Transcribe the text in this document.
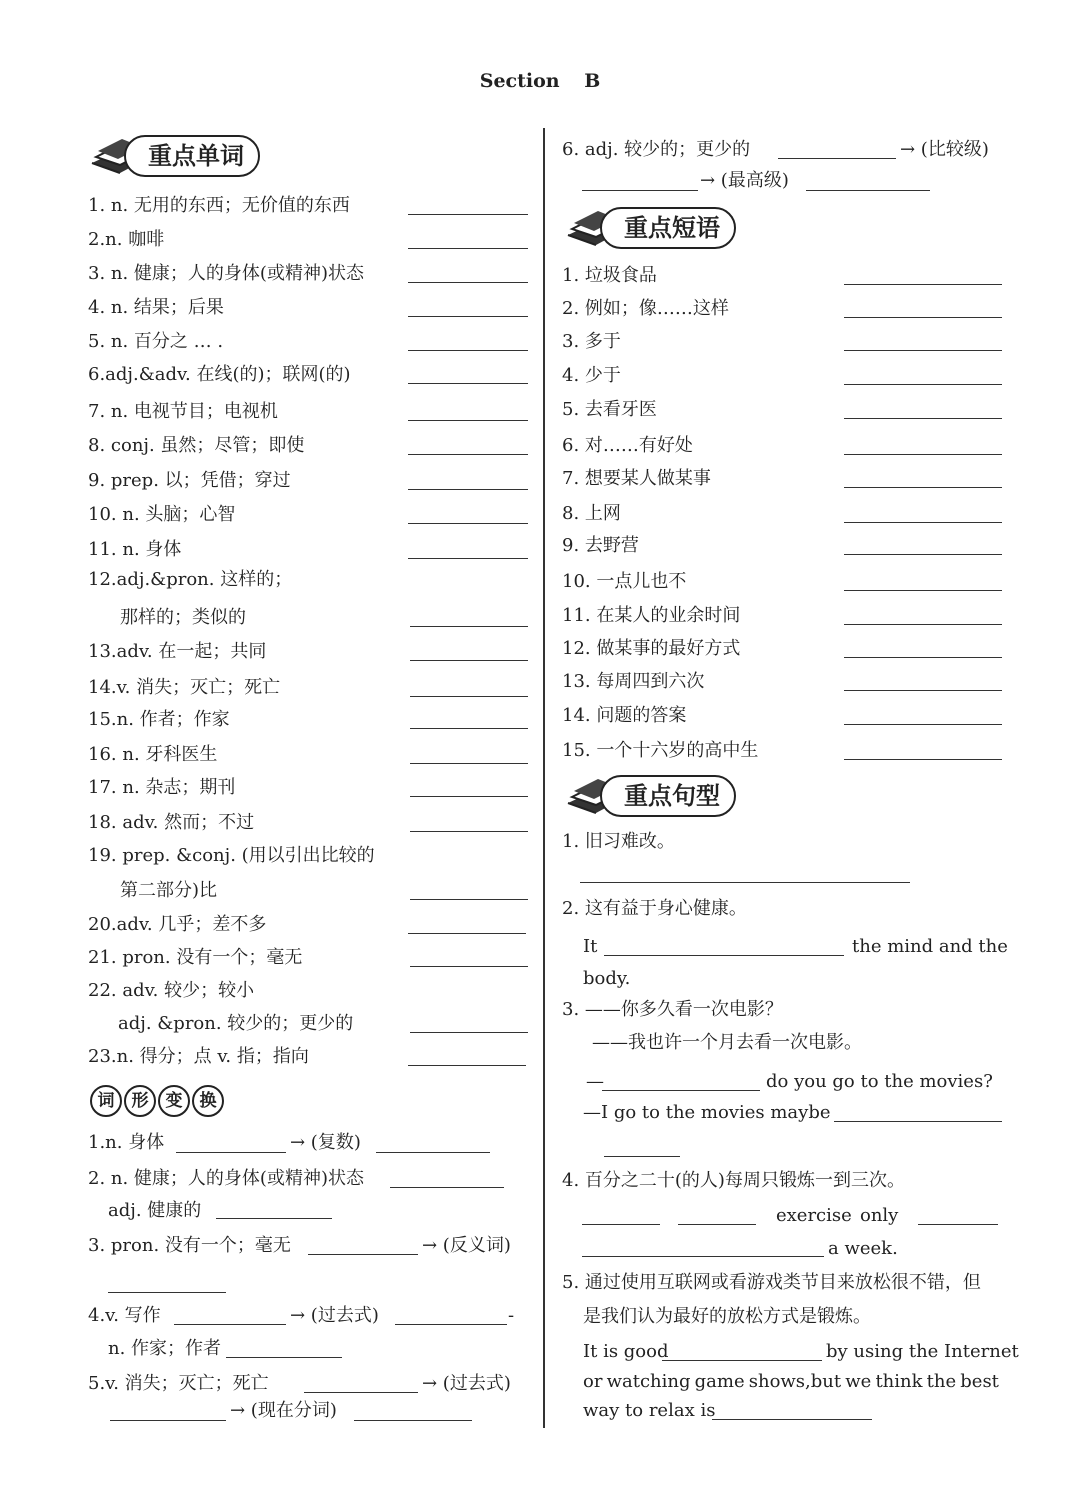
Section B
重点单词
1. n. 无用的东西；无价值的东西
2.n. 咖啡
3. n. 健康；人的身体(或精神)状态
4. n. 结果；后果
5. n. 百分之 … .
6.adj.&adv. 在线(的)；联网(的)
7. n. 电视节目；电视机
8. conj. 虽然；尽管；即使
9. prep. 以；凭借；穿过
10. n. 头脑；心智
11. n. 身体
12.adj.&pron. 这样的；
那样的；类似的
13.adv. 在一起；共同
14.v. 消失；灭亡；死亡
15.n. 作者；作家
16. n. 牙科医生
17. n. 杂志；期刊
18. adv. 然而；不过
19. prep. &conj. (用以引出比较的
第二部分)比
20.adv. 几乎；差不多
21. pron. 没有一个；毫无
22. adv. 较少；较小
adj. &pron. 较少的；更少的
23.n. 得分；点 v. 指；指向
词 形 变 换
1.n. 身体	→ (复数)
2. n. 健康；人的身体(或精神)状态
adj. 健康的
3. pron. 没有一个；毫无	→ (反义词)
4.v. 写作	→ (过去式)	-
n. 作家；作者
5.v. 消失；灭亡；死亡	→ (过去式)
→ (现在分词)
6. adj. 较少的；更少的	→ (比较级)
→ (最高级)
重点短语
1. 垃圾食品
2. 例如；像……这样
3. 多于
4. 少于
5. 去看牙医
6. 对……有好处
7. 想要某人做某事
8. 上网
9. 去野营
10. 一点儿也不
11. 在某人的业余时间
12. 做某事的最好方式
13. 每周四到六次
14. 问题的答案
15. 一个十六岁的高中生
重点句型
1. 旧习难改。
2. 这有益于身心健康。
It	the mind and the
body.
3. ——你多久看一次电影？
——我也许一个月去看一次电影。
—	do you go to the movies?
—I go to the movies maybe
4. 百分之二十(的人)每周只锻炼一到三次。
exercise only
a week.
5. 通过使用互联网或看游戏类节目来放松很不错，但
是我们认为最好的放松方式是锻炼。
It is good	by using the Internet
or watching game shows,but we think the best
way to relax is
